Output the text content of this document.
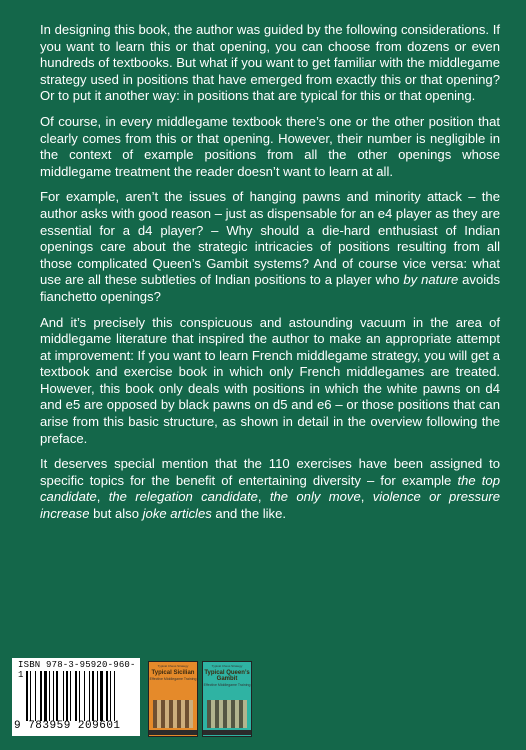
In designing this book, the author was guided by the following considerations. If you want to learn this or that opening, you can choose from dozens or even hundreds of textbooks. But what if you want to get familiar with the middlegame strategy used in positions that have emerged from exactly this or that opening? Or to put it another way: in positions that are typical for this or that opening.

Of course, in every middlegame textbook there’s one or the other position that clearly comes from this or that opening. However, their number is negligible in the context of example positions from all the other openings whose middlegame treatment the reader doesn’t want to learn at all.

For example, aren’t the issues of hanging pawns and minority attack – the author asks with good reason – just as dispensable for an e4 player as they are essential for a d4 player? – Why should a die-hard enthusiast of Indian openings care about the strategic intricacies of positions resulting from all those complicated Queen’s Gambit systems? And of course vice versa: what use are all these subtleties of Indian positions to a player who by nature avoids fianchetto openings?

And it’s precisely this conspicuous and astounding vacuum in the area of middlegame literature that inspired the author to make an appropriate attempt at improvement: If you want to learn French middlegame strategy, you will get a textbook and exercise book in which only French middlegames are treated. However, this book only deals with positions in which the white pawns on d4 and e5 are opposed by black pawns on d5 and e6 – or those positions that can arise from this basic structure, as shown in detail in the overview following the preface.

It deserves special mention that the 110 exercises have been assigned to specific topics for the benefit of entertaining diversity – for example the top candidate, the relegation candidate, the only move, violence or pressure increase but also joke articles and the like.

ISBN 978-3-95920-960-1
9 783959 209601
Typical Chess Strategy
Typical Sicilian
Effective Middlegame Training
Typical Chess Strategy
Typical Queen’s Gambit
Effective Middlegame Training
